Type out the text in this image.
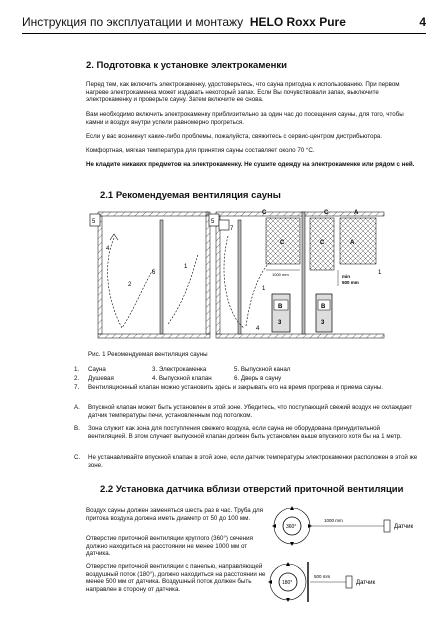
Инструкция по эксплуатации и монтажу HELO Roxx Pure	4
2. Подготовка к установке электрокаменки
Перед тем, как включить электрокаменку, удостоверьтесь, что сауна пригодна к использованию. При первом нагреве электрокаменка может издавать некоторый запах. Если Вы почувствовали запах, выключите электрокаменку и проверьте сауну. Затем включите ее снова.
Вам необходимо включить электрокаменку приблизительно за один час до посещения сауны, для того, чтобы камни и воздух внутри успели равномерно прогреться.
Если у вас возникнут какие-либо проблемы, пожалуйста, свяжитесь с сервис-центром дистрибьютора.
Комфортная, мягкая температура для принятия сауны составляет около 70 °С.
Не кладите никаких предметов на электрокаменку. Не сушите одежду на электрокаменке или рядом с ней.
2.1 Рекомендуемая вентиляция сауны
5
4
2
6
1
5
7
C	C	A
C	C	A
1000 mm	min
500 mm
1
1
B	B
3	3
4
Рис. 1 Рекомендуемая вентиляция сауны
1. Сауна	3. Электрокаменка	5. Выпускной канал
2. Душевая	4. Выпускной клапан	6. Дверь в сауну
7. Вентиляционный клапан можно установить здесь и закрывать его на время прогрева и приема сауны.
A. Впускной клапан может быть установлен в этой зоне. Убедитесь, что поступающий свежий воздух не охлаждает датчик температуры печи, установленным под потолком.
B. Зона служит как зона для поступления свежего воздуха, если сауна не оборудована принудительной вентиляцией. В этом случает выпускной клапан должен быть установлен выше впускного хотя бы на 1 метр.
C. Не устанавливайте впускной клапан в этой зоне, если датчик температуры электрокаменки расположен в этой же зоне.
2.2 Установка датчика вблизи отверстий приточной вентиляции
Воздух сауны должен заменяться шесть раз в час. Труба для притока воздуха должна иметь диаметр от 50 до 100 мм.
Отверстие приточной вентиляции круглого (360°) сечения должно находиться на расстоянии не менее 1000 мм от датчика.
Отверстие приточной вентиляции с панелью, направляющей воздушный поток (180°), должно находиться на расстоянии не менее 500 мм от датчика. Воздушный поток должен быть направлен в сторону от датчика.
360°
1000 mm
Датчик
180°
500 mm
Датчик
